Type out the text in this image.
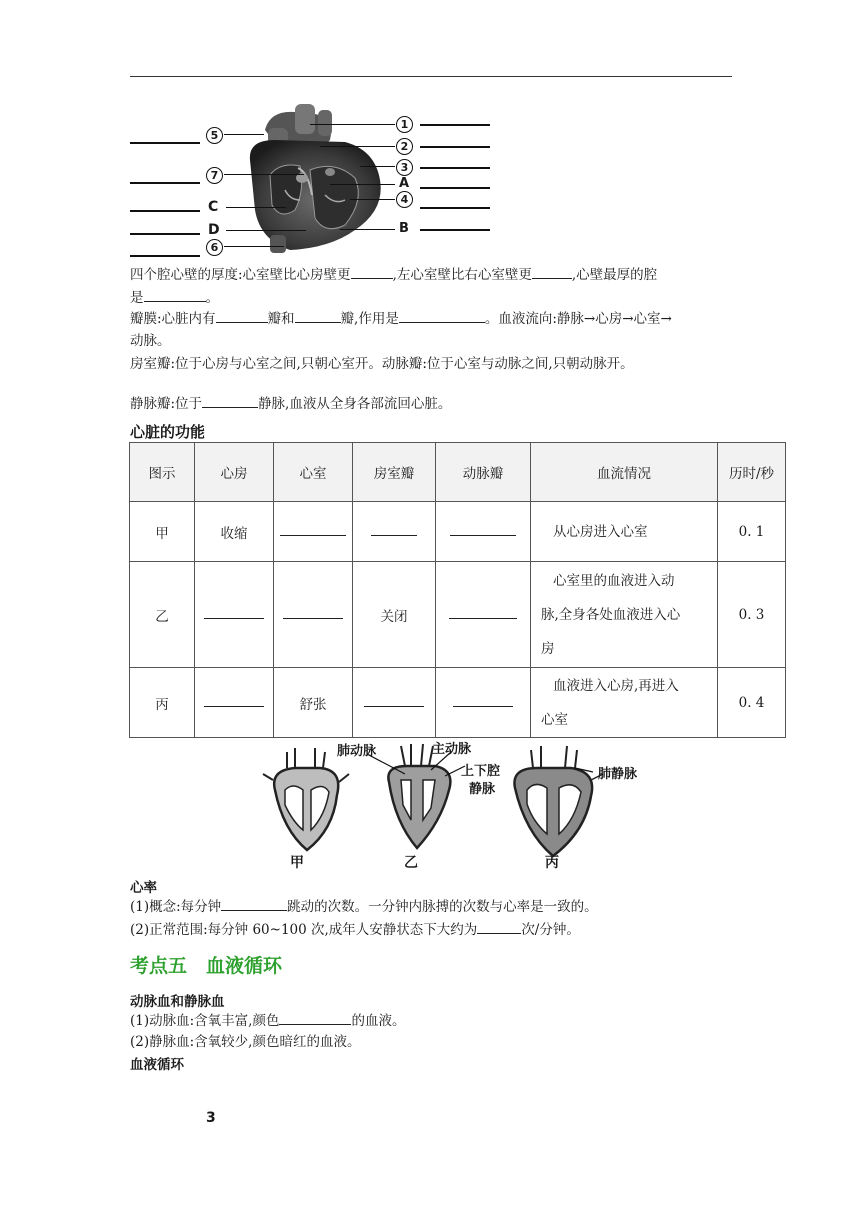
5
7
C
D
6
1
2
3
A
4
B
四个腔心壁的厚度:心室壁比心房壁更	,左心室壁比右心室壁更	,心壁最厚的腔
是	。
瓣膜:心脏内有	瓣和	瓣,作用是	。血液流向:静脉→心房→心室→
动脉。
房室瓣:位于心房与心室之间,只朝心室开。动脉瓣:位于心室与动脉之间,只朝动脉开。
静脉瓣:位于	静脉,血液从全身各部流回心脏。
心脏的功能
图示	心房	心室	房室瓣	动脉瓣	血流情况	历时/秒
甲	收缩				从心房进入心室	0. 1
乙			关闭		心室里的血液进入动
脉,全身各处血液进入心
房	0. 3
丙		舒张			血液进入心房,再进入
心室	0. 4
肺动脉	主动脉
上下腔
静脉
肺静脉
甲	乙	丙
心率
(1)概念:每分钟	跳动的次数。一分钟内脉搏的次数与心率是一致的。
(2)正常范围:每分钟 60~100 次,成年人安静状态下大约为	次/分钟。
考点五　血液循环
动脉血和静脉血
(1)动脉血:含氧丰富,颜色	的血液。
(2)静脉血:含氧较少,颜色暗红的血液。
血液循环
3
